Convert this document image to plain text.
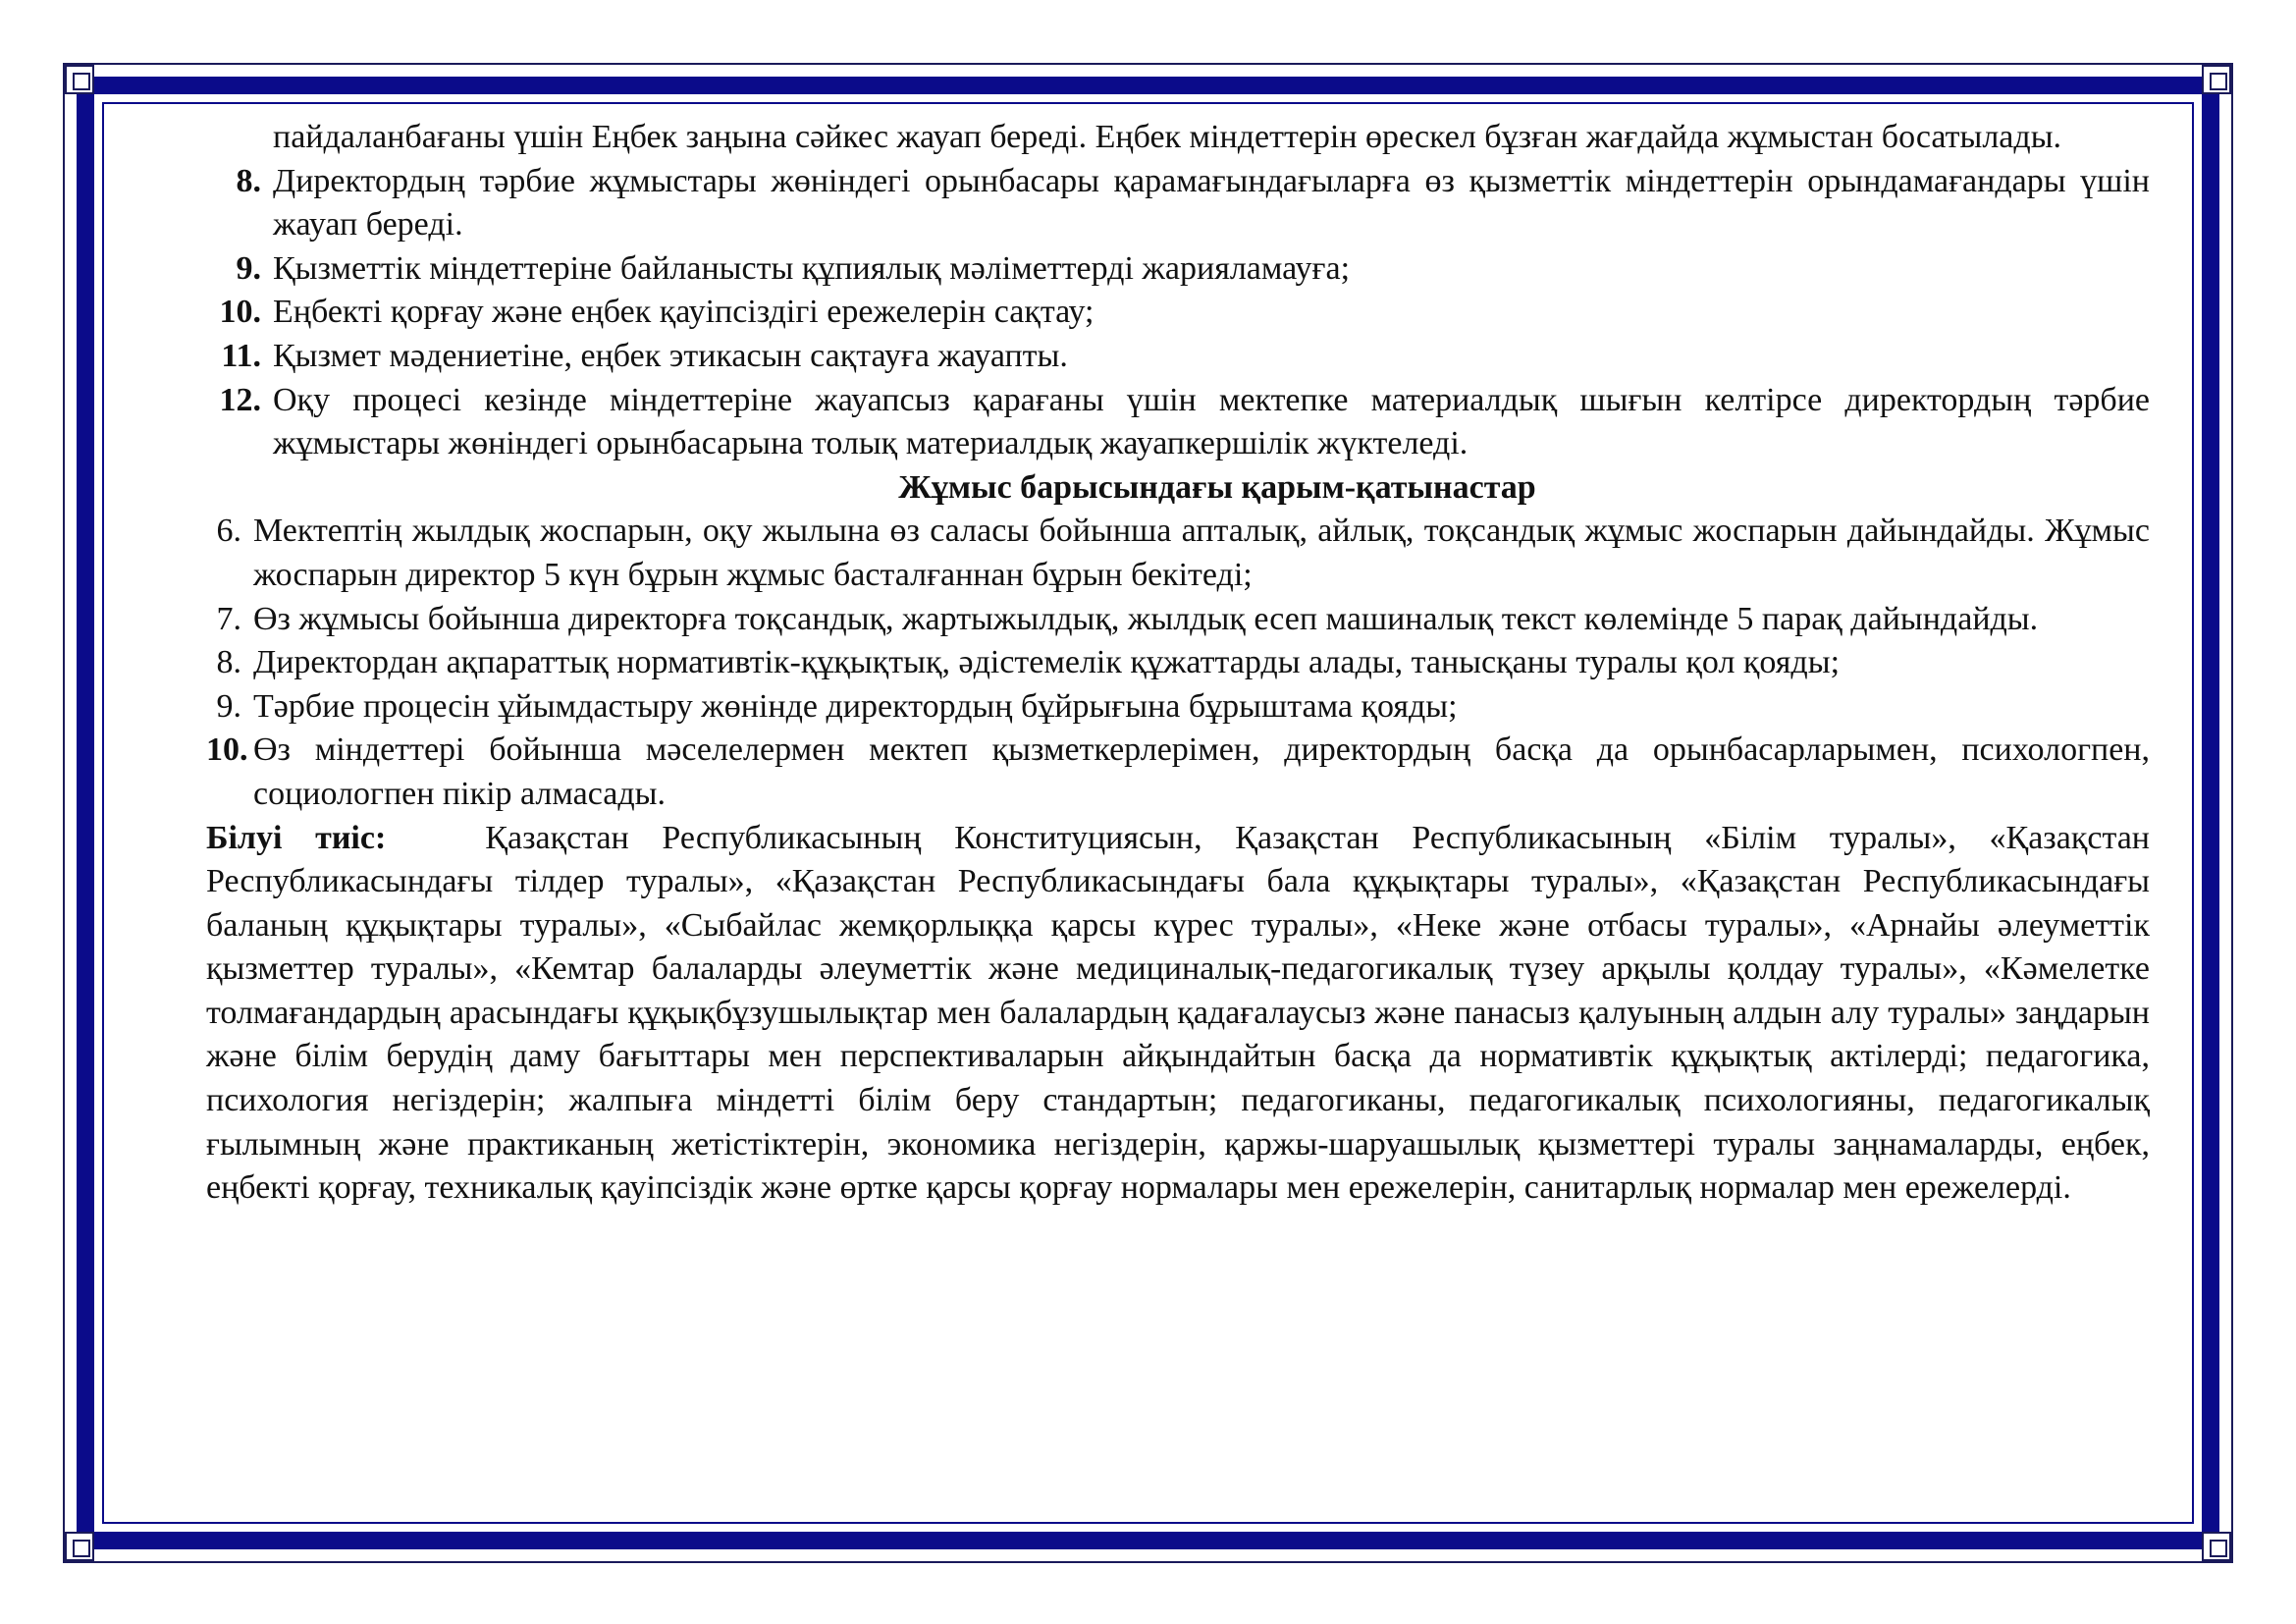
пайдаланбағаны үшін Еңбек заңына сәйкес жауап береді. Еңбек міндеттерін өрескел бұзған жағдайда жұмыстан босатылады.
8. Директордың тәрбие жұмыстары жөніндегі орынбасары қарамағындағыларға өз қызметтік міндеттерін орындамағандары үшін жауап береді.
9. Қызметтік міндеттеріне байланысты құпиялық мәліметтерді жарияламауға;
10. Еңбекті қорғау және еңбек қауіпсіздігі ережелерін сақтау;
11. Қызмет мәдениетіне, еңбек этикасын сақтауға жауапты.
12. Оқу процесі кезінде міндеттеріне жауапсыз қарағаны үшін мектепке материалдық шығын келтірсе директордың тәрбие жұмыстары жөніндегі орынбасарына толық материалдық жауапкершілік жүктеледі.
Жұмыс барысындағы қарым-қатынастар
6. Мектептің жылдық жоспарын, оқу жылына өз саласы бойынша апталық, айлық, тоқсандық жұмыс жоспарын дайындайды. Жұмыс жоспарын директор 5 күн бұрын жұмыс басталғаннан бұрын бекітеді;
7. Өз жұмысы бойынша директорға тоқсандық, жартыжылдық, жылдық есеп машиналық текст көлемінде 5 парақ дайындайды.
8. Директордан ақпараттық нормативтік-құқықтық, әдістемелік құжаттарды алады, танысқаны туралы қол қояды;
9. Тәрбие процесін ұйымдастыру жөнінде директордың бұйрығына бұрыштама қояды;
10. Өз міндеттері бойынша мәселелермен мектеп қызметкерлерімен, директордың басқа да орынбасарларымен, психологпен, социологпен пікір алмасады.
Білуі тиіс:	Қазақстан Республикасының Конституциясын, Қазақстан Республикасының «Білім туралы», «Қазақстан Республикасындағы тілдер туралы», «Қазақстан Республикасындағы бала құқықтары туралы», «Қазақстан Республикасындағы баланың құқықтары туралы», «Сыбайлас жемқорлыққа қарсы күрес туралы», «Неке және отбасы туралы», «Арнайы әлеуметтік қызметтер туралы», «Кемтар балаларды әлеуметтік және медициналық-педагогикалық түзеу арқылы қолдау туралы», «Кәмелетке толмағандардың арасындағы құқықбұзушылықтар мен балалардың қадағалаусыз және панасыз қалуының алдын алу туралы» заңдарын және білім берудің даму бағыттары мен перспективаларын айқындайтын басқа да нормативтік құқықтық актілерді; педагогика, психология негіздерін; жалпыға міндетті білім беру стандартын; педагогиканы, педагогикалық психологияны, педагогикалық ғылымның және практиканың жетістіктерін, экономика негіздерін, қаржы-шаруашылық қызметтері туралы заңнамаларды, еңбек, еңбекті қорғау, техникалық қауіпсіздік және өртке қарсы қорғау нормалары мен ережелерін, санитарлық нормалар мен ережелерді.
